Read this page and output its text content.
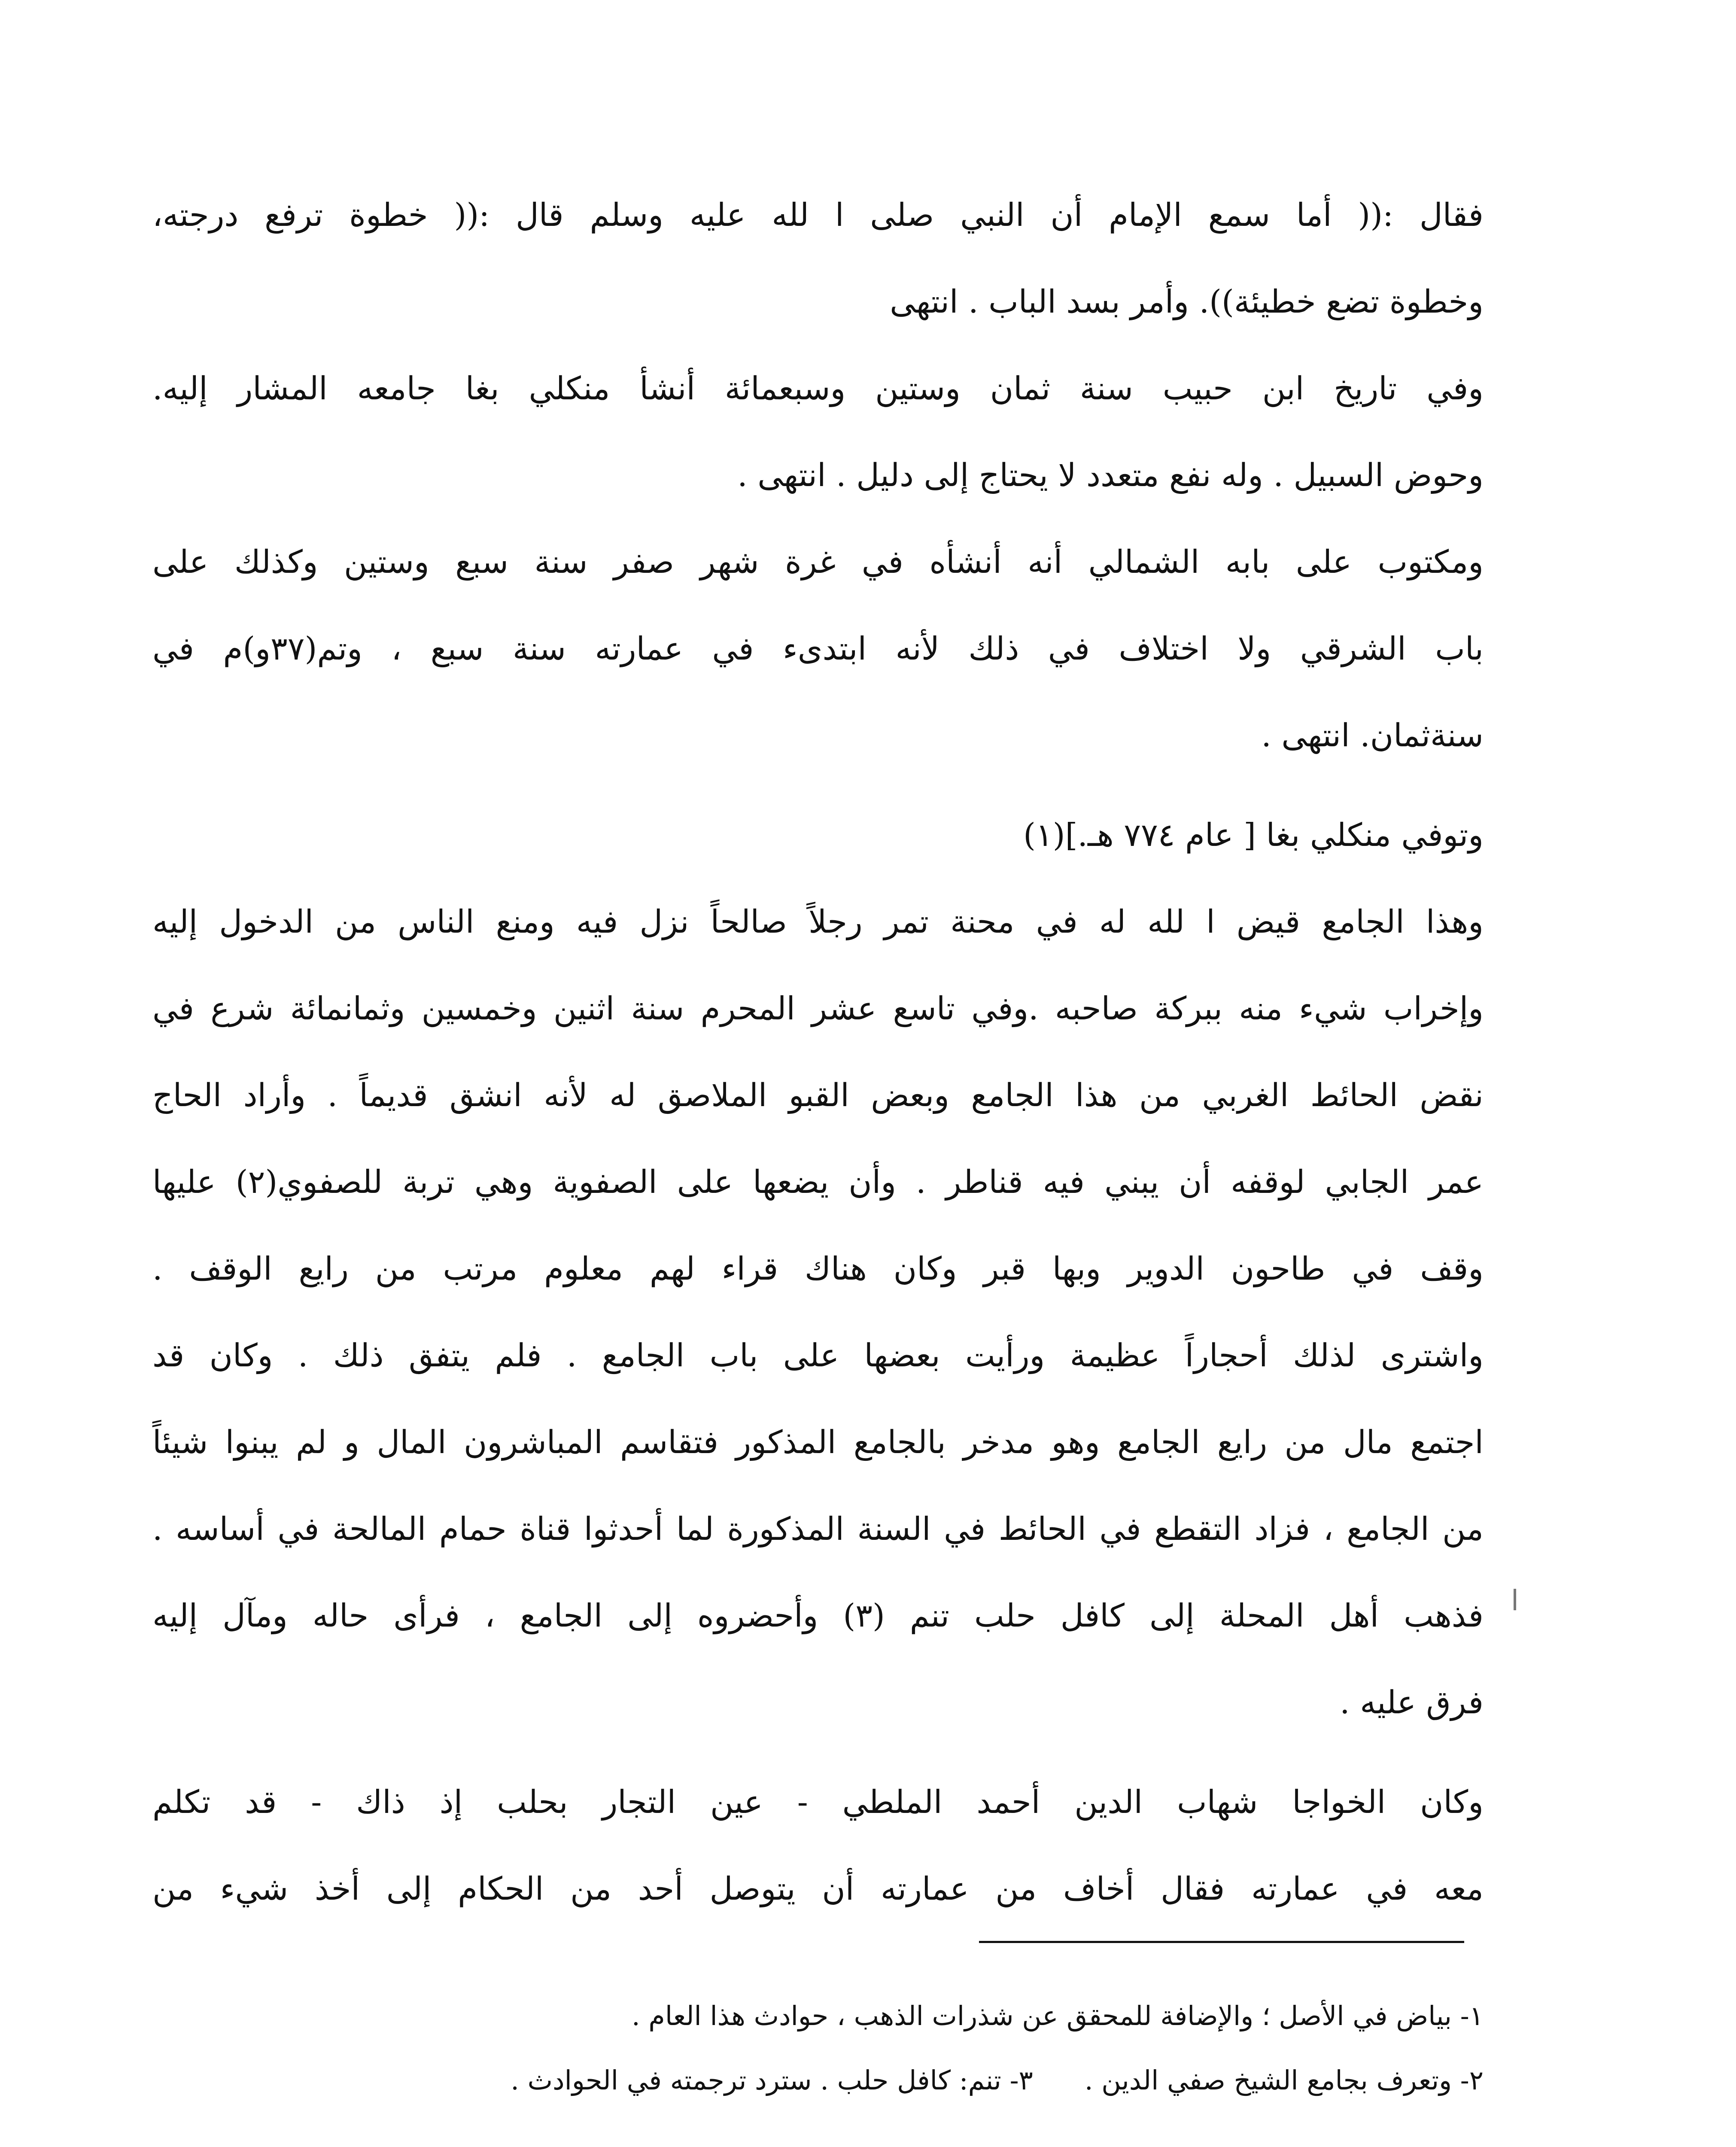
فقال :(( أما سمع الإمام أن النبي صلى ا لله عليه وسلم قال :(( خطوة ترفع درجته،
وخطوة تضع خطيئة)). وأمر بسد الباب . انتهى
وفي تاريخ ابن حبيب سنة ثمان وستين وسبعمائة أنشأ منكلي بغا جامعه المشار إليه.
وحوض السبيل . وله نفع متعدد لا يحتاج إلى دليل . انتهى .
ومكتوب على بابه الشمالي أنه أنشأه في غرة شهر صفر سنة سبع وستين وكذلك على
باب الشرقي ولا اختلاف في ذلك لأنه ابتدىء في عمارته سنة سبع ، وتم(٣٧و)م في
سنةثمان. انتهى .
وتوفي منكلي بغا [ عام ٧٧٤ هـ.](١)
وهذا الجامع قيض ا لله له في محنة تمر رجلاً صالحاً نزل فيه ومنع الناس من الدخول إليه
وإخراب شيء منه ببركة صاحبه .وفي تاسع عشر المحرم سنة اثنين وخمسين وثمانمائة شرع في
نقض الحائط الغربي من هذا الجامع وبعض القبو الملاصق له لأنه انشق قديماً . وأراد الحاج
عمر الجابي لوقفه أن يبني فيه قناطر . وأن يضعها على الصفوية وهي تربة للصفوي(٢) عليها
وقف في طاحون الدوير وبها قبر وكان هناك قراء لهم معلوم مرتب من رايع الوقف .
واشترى لذلك أحجاراً عظيمة ورأيت بعضها على باب الجامع . فلم يتفق ذلك . وكان قد
اجتمع مال من رايع الجامع وهو مدخر بالجامع المذكور فتقاسم المباشرون المال و لم يبنوا شيئاً
من الجامع ، فزاد التقطع في الحائط في السنة المذكورة لما أحدثوا قناة حمام المالحة في أساسه .
فذهب أهل المحلة إلى كافل حلب تنم (٣) وأحضروه إلى الجامع ، فرأى حاله ومآل إليه
فرق عليه .
وكان الخواجا شهاب الدين أحمد الملطي - عين التجار بحلب إذ ذاك - قد تكلم
معه في عمارته فقال أخاف من عمارته أن يتوصل أحد من الحكام إلى أخذ شيء من
١- بياض في الأصل ؛ والإضافة للمحقق عن شذرات الذهب ، حوادث هذا العام .
٢- وتعرف بجامع الشيخ صفي الدين .٣- تنم: كافل حلب . سترد ترجمته في الحوادث .
